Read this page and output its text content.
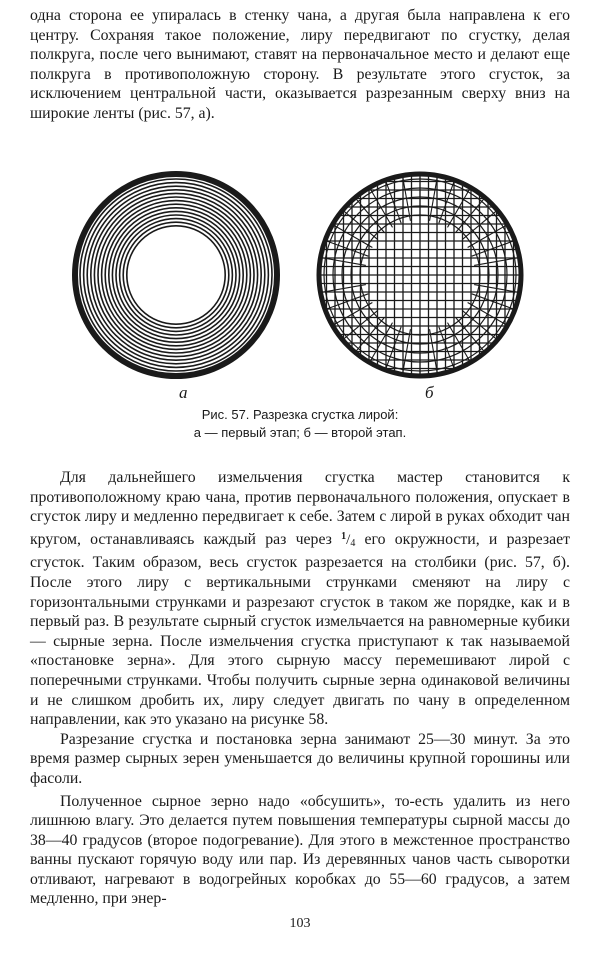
одна сторона ее упиралась в стенку чана, а другая была направлена к его центру. Сохраняя такое положение, лиру передвигают по сгустку, делая полкруга, после чего вынимают, ставят на первоначальное место и делают еще полкруга в противоположную сторону. В результате этого сгусток, за исключением центральной части, оказывается разрезанным сверху вниз на широкие ленты (рис. 57, а).

а	б
Рис. 57. Разрезка сгустка лирой:
а — первый этап; б — второй этап.

Для дальнейшего измельчения сгустка мастер становится к противоположному краю чана, против первоначального положения, опускает в сгусток лиру и медленно передвигает к себе. Затем с лирой в руках обходит чан кругом, останавливаясь каждый раз через $^1/_4$ его окружности, и разрезает сгусток. Таким образом, весь сгусток разрезается на столбики (рис. 57, б). После этого лиру с вертикальными струнками сменяют на лиру с горизонтальными струнками и разрезают сгусток в таком же порядке, как и в первый раз. В результате сырный сгусток измельчается на равномерные кубики — сырные зерна. После измельчения сгустка приступают к так называемой «постановке зерна». Для этого сырную массу перемешивают лирой с поперечными струнками. Чтобы получить сырные зерна одинаковой величины и не слишком дробить их, лиру следует двигать по чану в определенном направлении, как это указано на рисунке 58.

Разрезание сгустка и постановка зерна занимают 25—30 минут. За это время размер сырных зерен уменьшается до величины крупной горошины или фасоли.

Полученное сырное зерно надо «обсушить», то-есть удалить из него лишнюю влагу. Это делается путем повышения температуры сырной массы до 38—40 градусов (второе подогревание). Для этого в межстенное пространство ванны пускают горячую воду или пар. Из деревянных чанов часть сыворотки отливают, нагревают в водогрейных коробках до 55—60 градусов, а затем медленно, при энер-

103
